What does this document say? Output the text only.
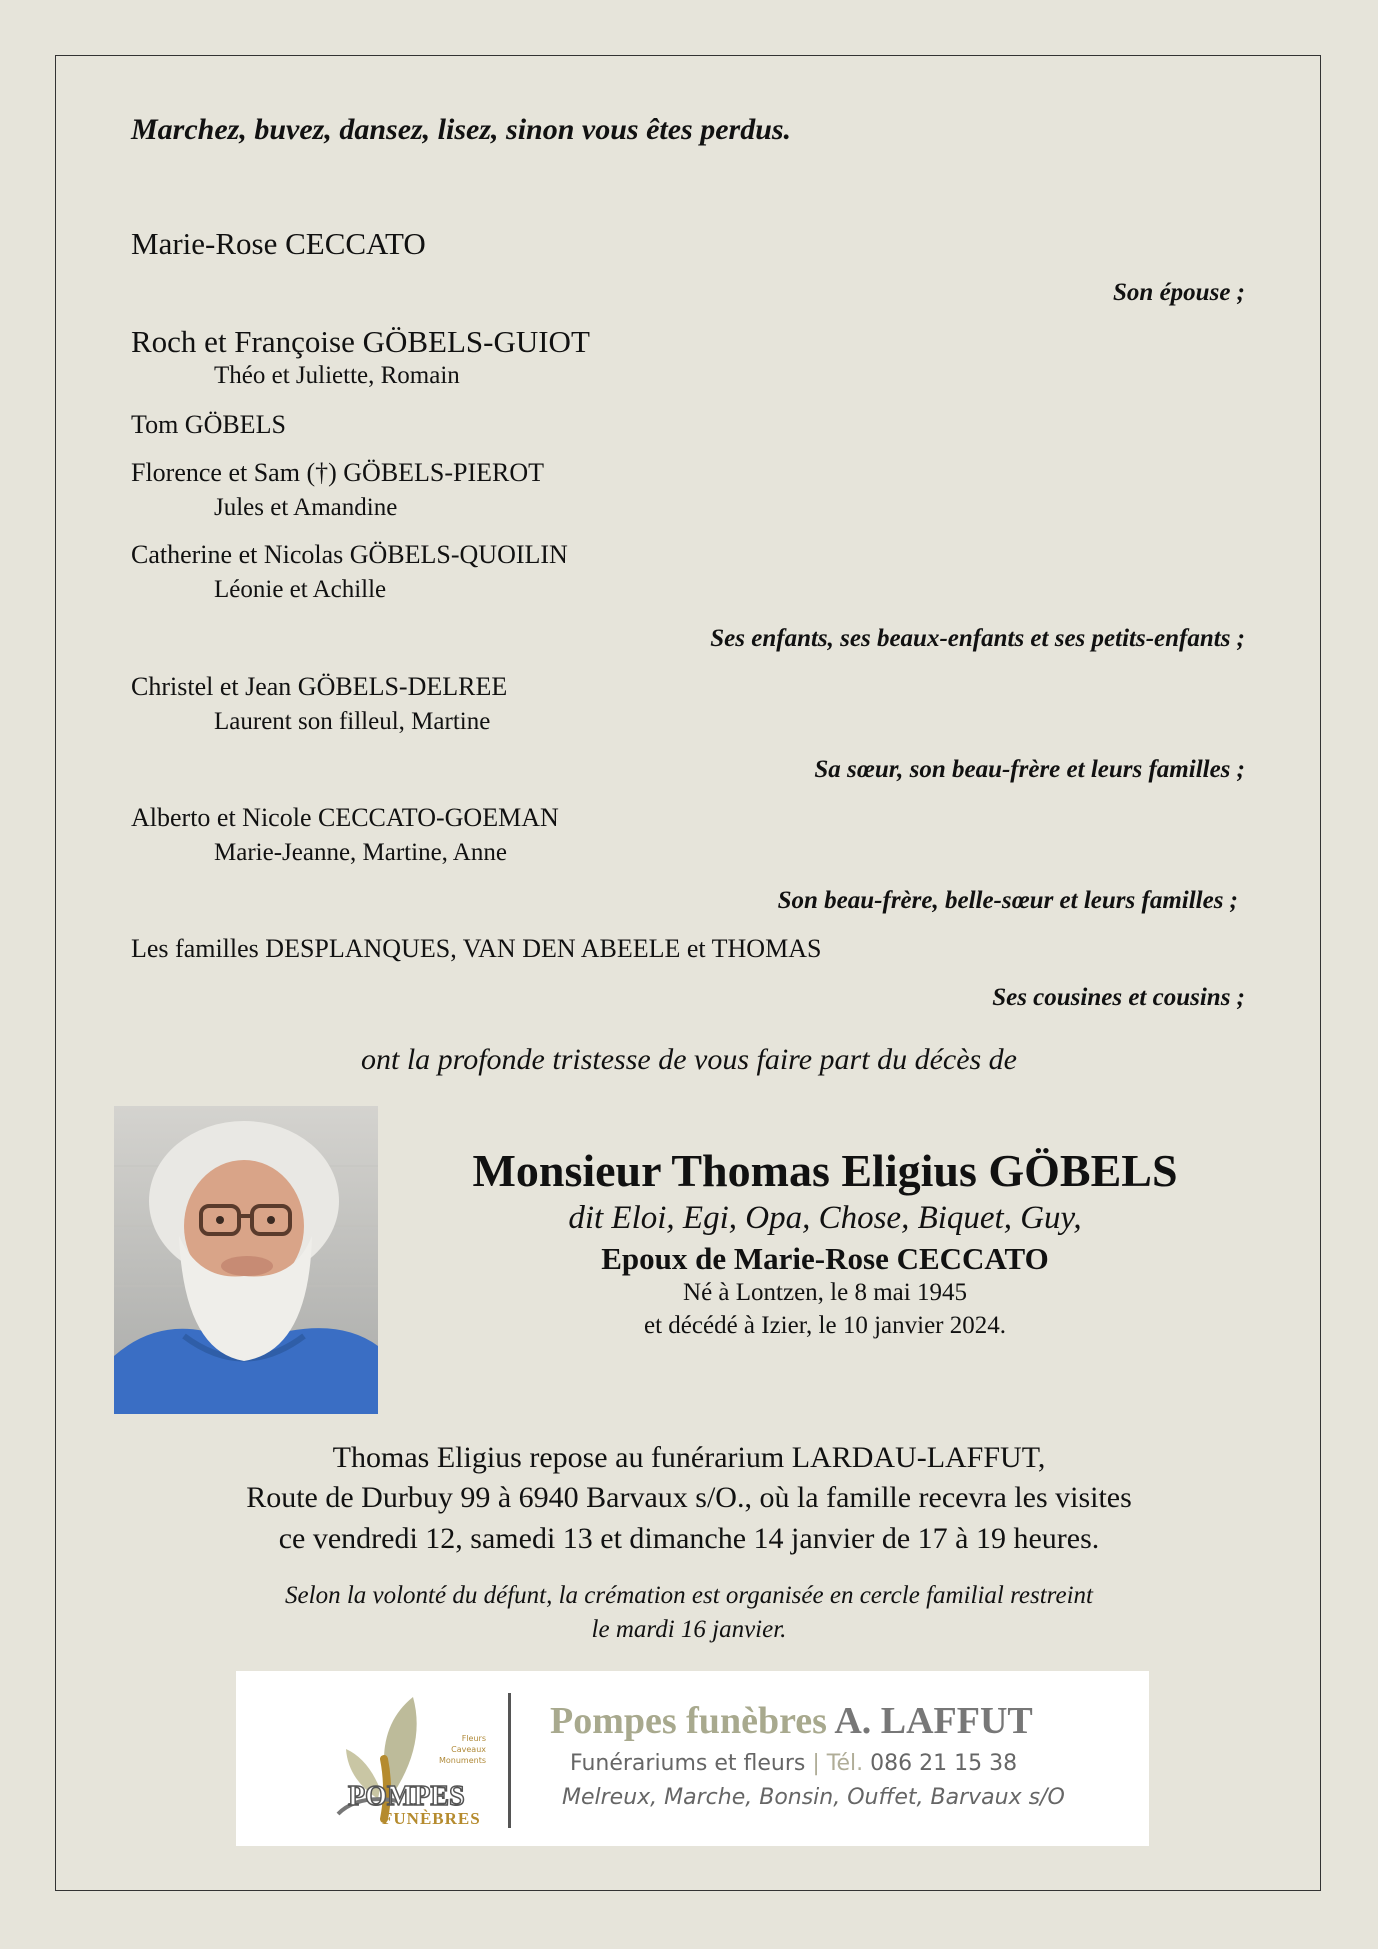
Marchez, buvez, dansez, lisez, sinon vous êtes perdus.
Marie-Rose CECCATO
Son épouse ;
Roch et Françoise GÖBELS-GUIOT
Théo et Juliette, Romain
Tom GÖBELS
Florence et Sam (†) GÖBELS-PIEROT
Jules et Amandine
Catherine et Nicolas GÖBELS-QUOILIN
Léonie et Achille
Ses enfants, ses beaux-enfants et ses petits-enfants ;
Christel et Jean GÖBELS-DELREE
Laurent son filleul, Martine
Sa sœur, son beau-frère et leurs familles ;
Alberto et Nicole CECCATO-GOEMAN
Marie-Jeanne, Martine, Anne
Son beau-frère, belle-sœur et leurs familles ;
Les familles DESPLANQUES, VAN DEN ABEELE et THOMAS
Ses cousines et cousins ;
ont la profonde tristesse de vous faire part du décès de
Monsieur Thomas Eligius GÖBELS
dit Eloi, Egi, Opa, Chose, Biquet, Guy,
Epoux de Marie-Rose CECCATO
Né à Lontzen, le 8 mai 1945
et décédé à Izier, le 10 janvier 2024.
Thomas Eligius repose au funérarium LARDAU-LAFFUT,
Route de Durbuy 99 à 6940 Barvaux s/O., où la famille recevra les visites
ce vendredi 12, samedi 13 et dimanche 14 janvier de 17 à 19 heures.
Selon la volonté du défunt, la crémation est organisée en cercle familial restreint
le mardi 16 janvier.
Fleurs
Caveaux
Monuments
POMPES
FUNÈBRES
Pompes funèbres A. LAFFUT
Funérariums et fleurs | Tél. 086 21 15 38
Melreux, Marche, Bonsin, Ouffet, Barvaux s/O
